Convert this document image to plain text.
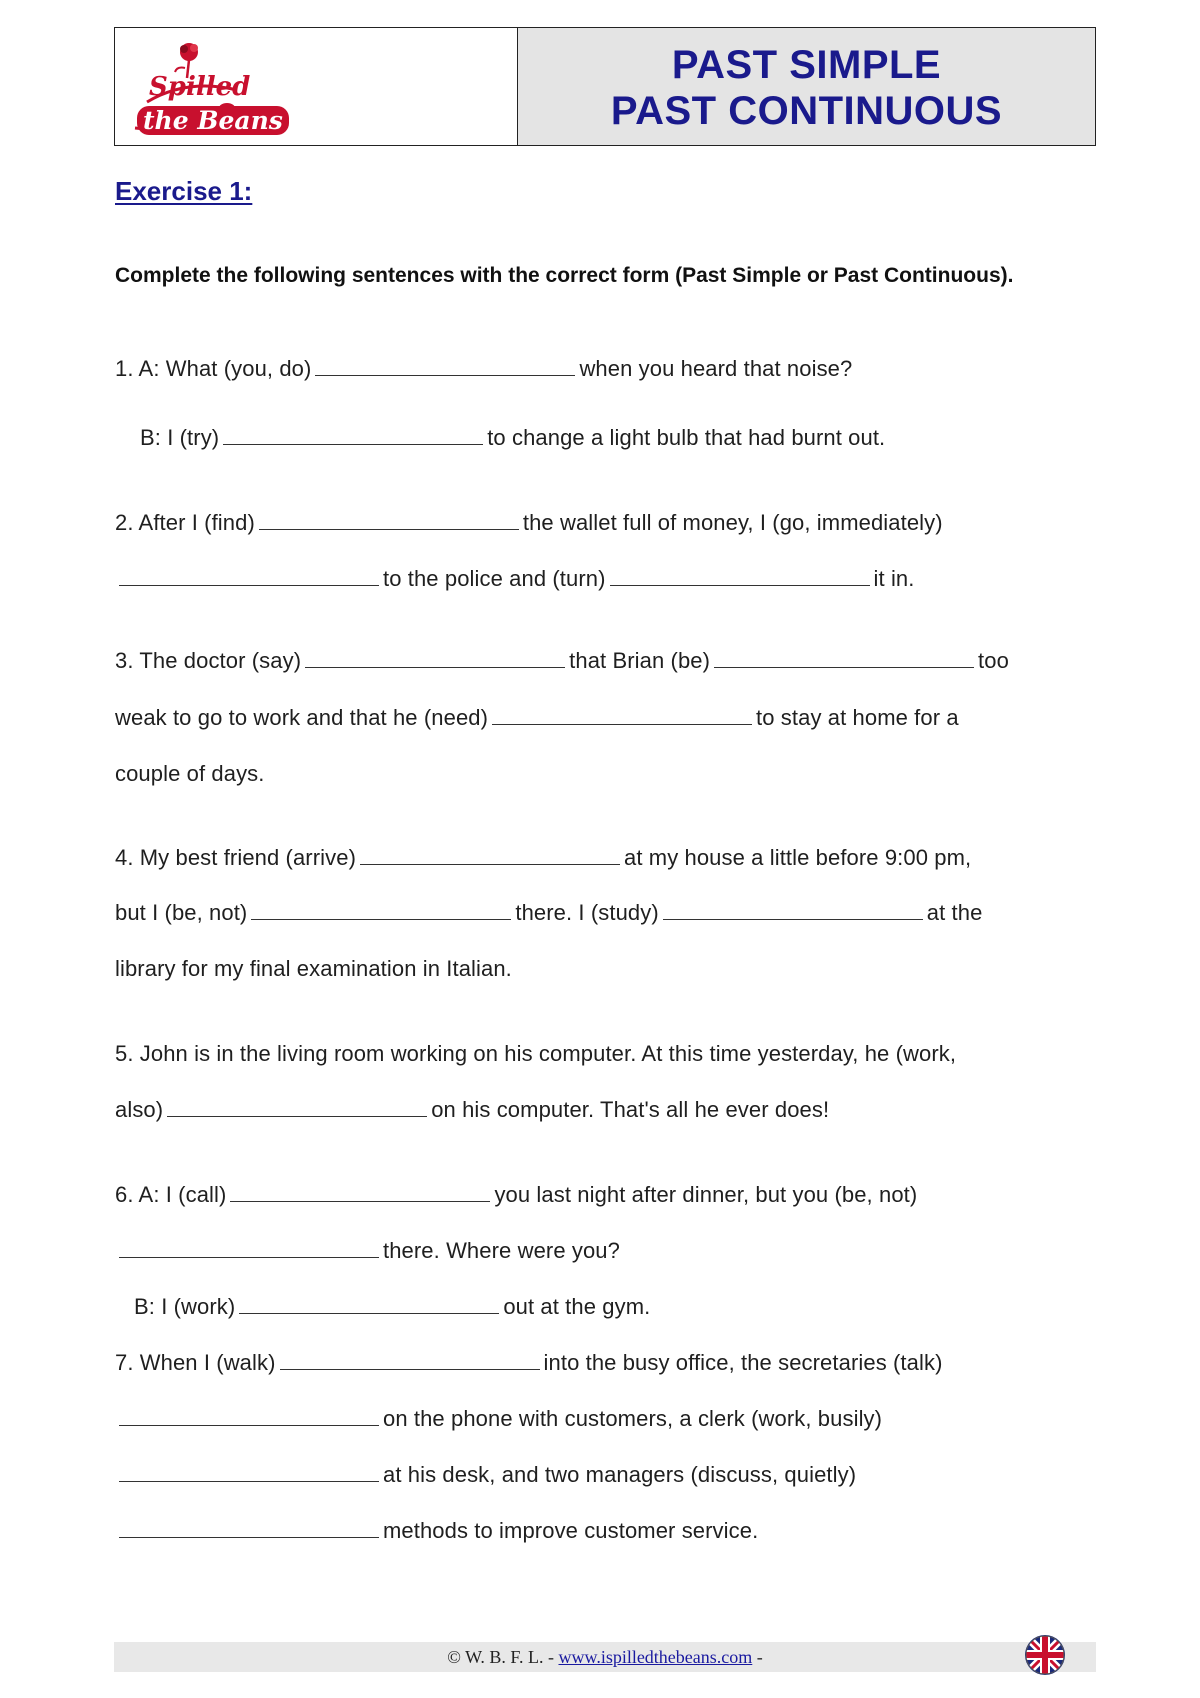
Spilled
the Beans
PAST SIMPLE
PAST CONTINUOUS
Exercise 1:
Complete the following sentences with the correct form (Past Simple or Past Continuous).
1. A: What (you, do)	when you heard that noise?
B: I (try)	to change a light bulb that had burnt out.
2. After I (find)	the wallet full of money, I (go, immediately)
to the police and (turn)	it in.
3. The doctor (say)	that Brian (be)	too
weak to go to work and that he (need)	to stay at home for a
couple of days.
4. My best friend (arrive)	at my house a little before 9:00 pm,
but I (be, not)	there. I (study)	at the
library for my final examination in Italian.
5. John is in the living room working on his computer. At this time yesterday, he (work,
also)	on his computer. That's all he ever does!
6. A: I (call)	you last night after dinner, but you (be, not)
there. Where were you?
B: I (work)	out at the gym.
7. When I (walk)	into the busy office, the secretaries (talk)
on the phone with customers, a clerk (work, busily)
at his desk, and two managers (discuss, quietly)
methods to improve customer service.
© W. B. F. L. - www.ispilledthebeans.com -
